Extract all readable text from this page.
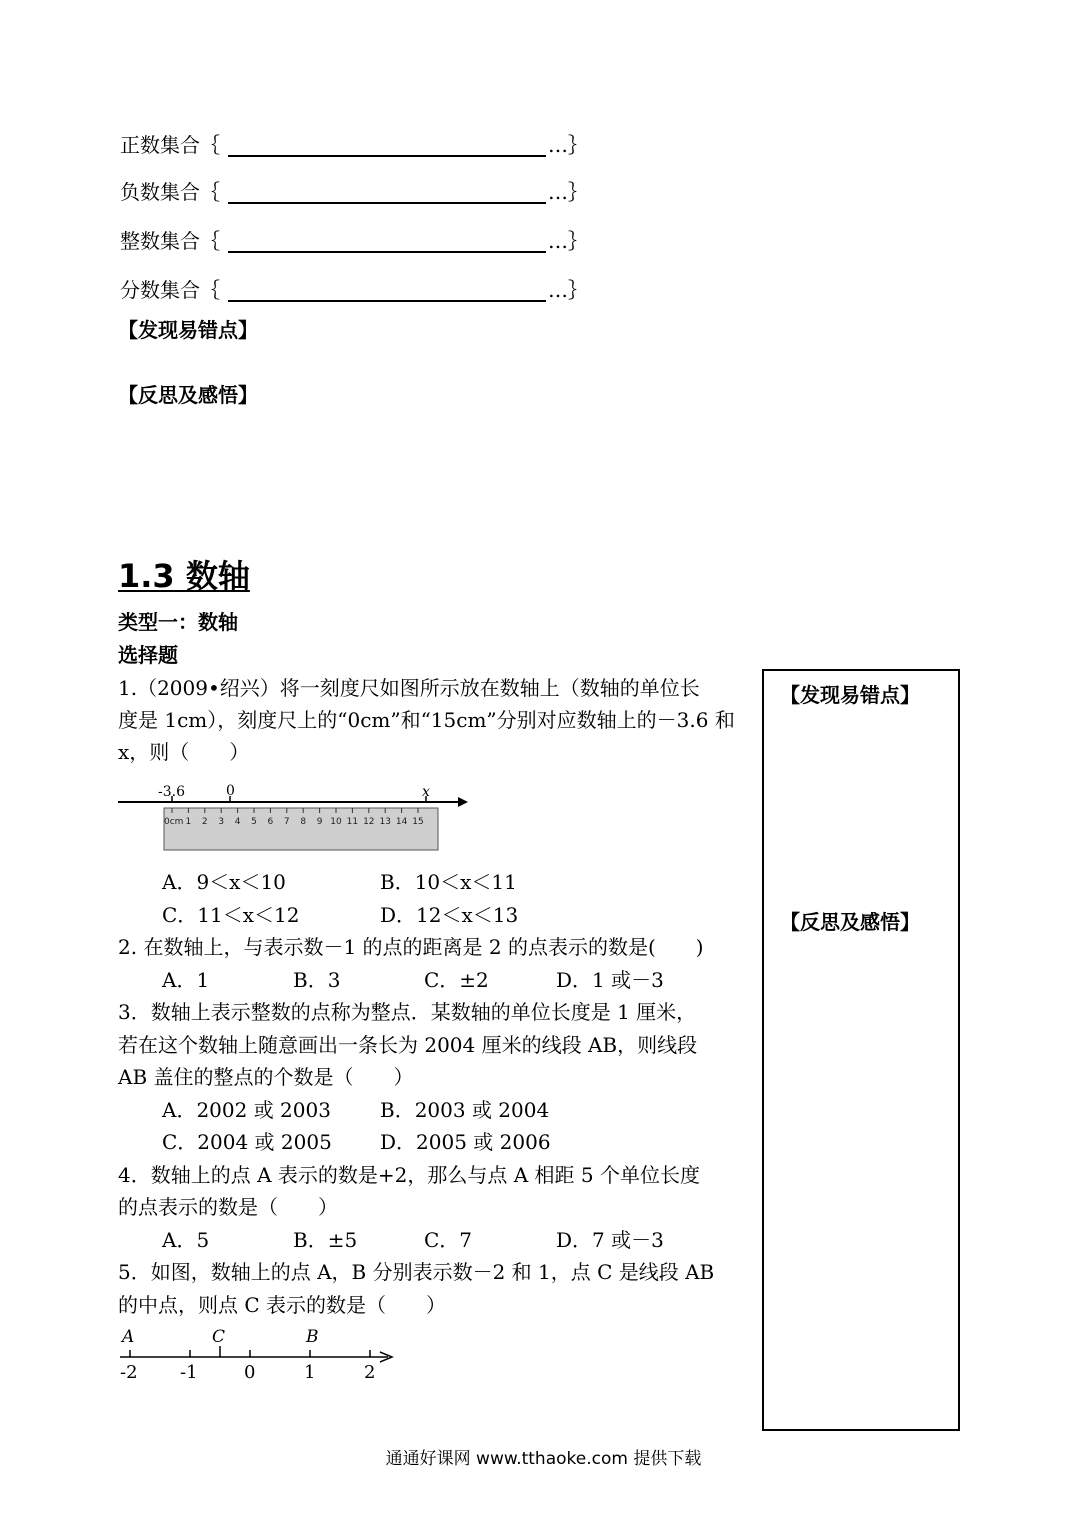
正数集合｛	…｝
负数集合｛	…｝
整数集合｛	…｝
分数集合｛	…｝
【发现易错点】
【反思及感悟】
1.3 数轴
类型一：数轴
选择题
【发现易错点】
【反思及感悟】
1.（2009•绍兴）将一刻度尺如图所示放在数轴上（数轴的单位长
度是 1cm），刻度尺上的“0cm”和“15cm”分别对应数轴上的－3.6 和
x，则（　　）
-3.6	0	x
0cm 1 2 3 4 5 6 7 8 9 10 11 12 13 14 15
A．9＜x＜10	B．10＜x＜11
C．11＜x＜12	D．12＜x＜13
2. 在数轴上，与表示数－1 的点的距离是 2 的点表示的数是(　　)
A．1	B．3	C．±2	D．1 或－3
3．数轴上表示整数的点称为整点．某数轴的单位长度是 1 厘米，
若在这个数轴上随意画出一条长为 2004 厘米的线段 AB，则线段
AB 盖住的整点的个数是（　　）
A．2002 或 2003 B．2003 或 2004
C．2004 或 2005 D．2005 或 2006
4．数轴上的点 A 表示的数是+2，那么与点 A 相距 5 个单位长度
的点表示的数是（　　）
A．5	B．±5	C．7	D．7 或－3
5．如图，数轴上的点 A，B 分别表示数－2 和 1，点 C 是线段 AB
的中点，则点 C 表示的数是（　　）
A	C	B
-2 -1	0	1	2
通通好课网 www.tthaoke.com 提供下载
